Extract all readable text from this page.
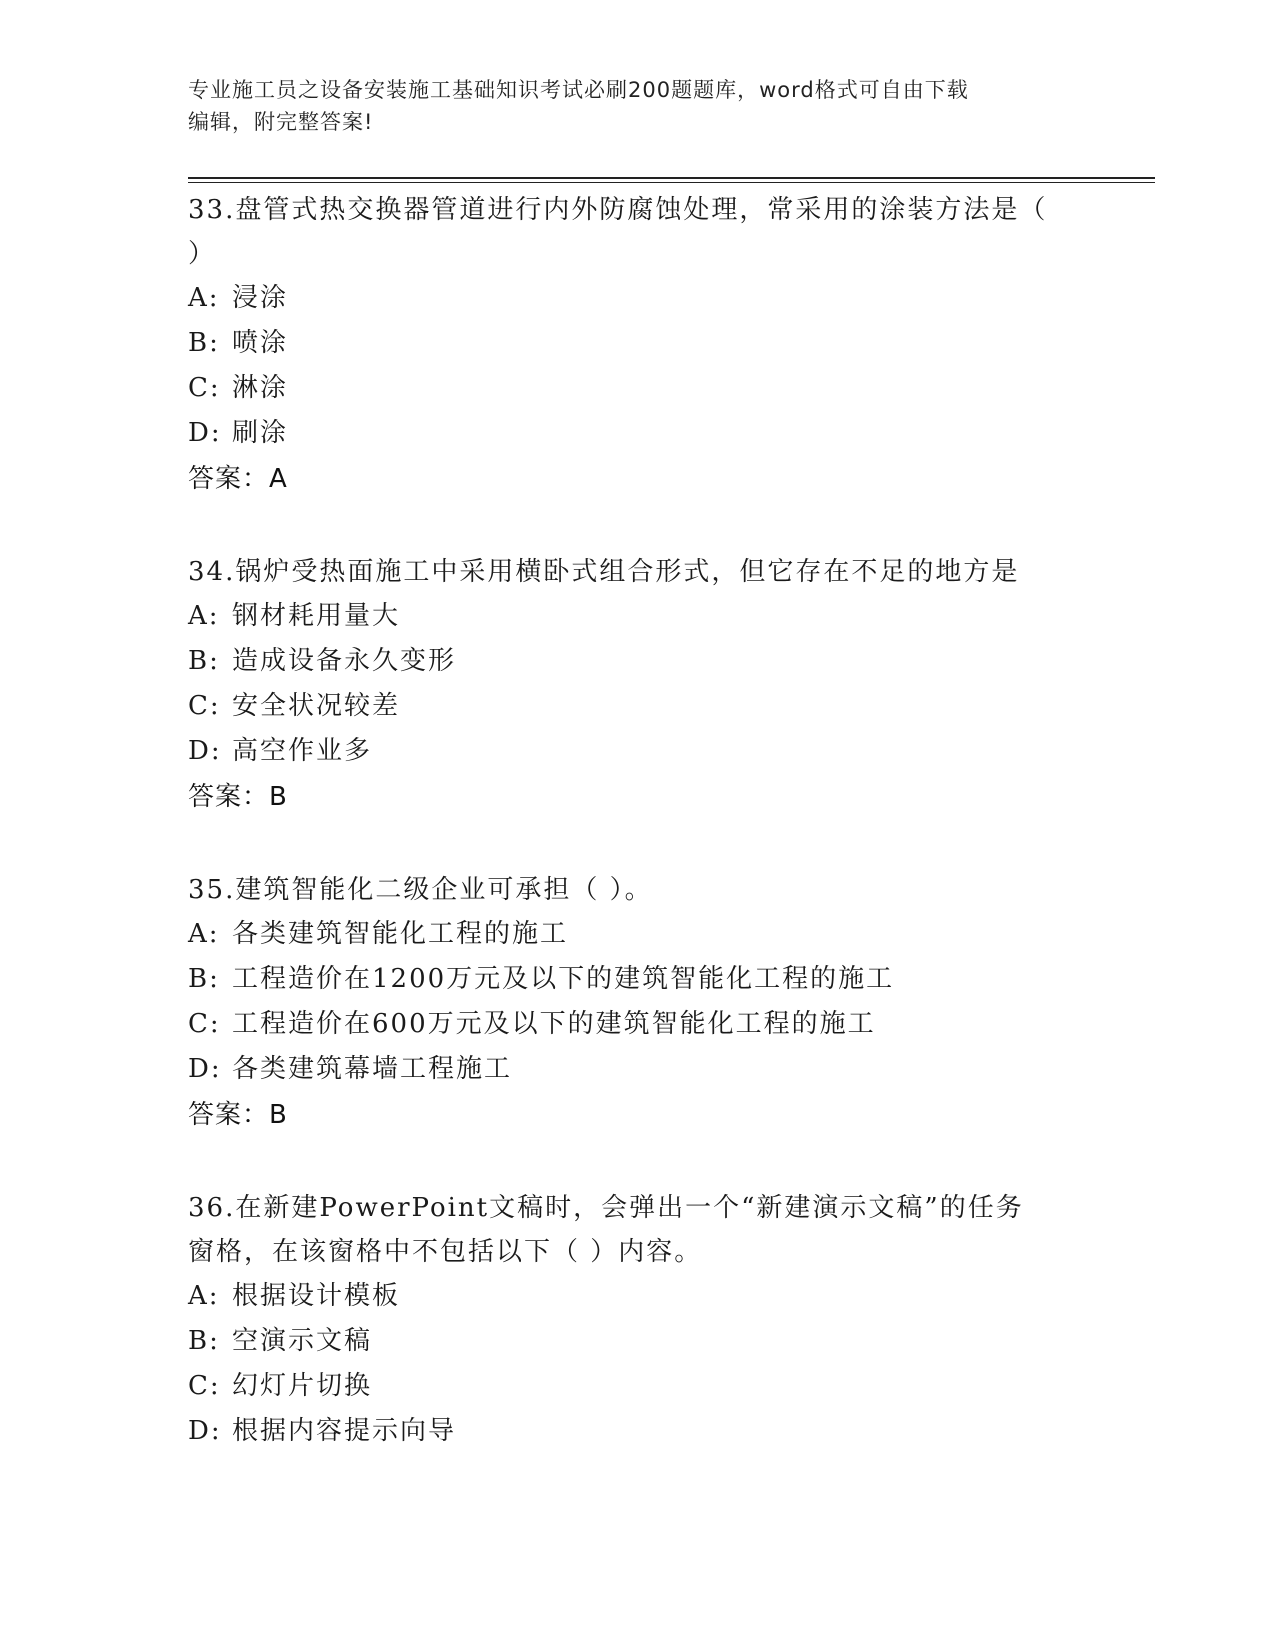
专业施工员之设备安装施工基础知识考试必刷200题题库，word格式可自由下载
编辑，附完整答案!
33.盘管式热交换器管道进行内外防腐蚀处理，常采用的涂装方法是（
）
A: 浸涂
B: 喷涂
C: 淋涂
D: 刷涂
答案：A
34.锅炉受热面施工中采用横卧式组合形式，但它存在不足的地方是
A: 钢材耗用量大
B: 造成设备永久变形
C: 安全状况较差
D: 高空作业多
答案：B
35.建筑智能化二级企业可承担（ ）。
A: 各类建筑智能化工程的施工
B: 工程造价在1200万元及以下的建筑智能化工程的施工
C: 工程造价在600万元及以下的建筑智能化工程的施工
D: 各类建筑幕墙工程施工
答案：B
36.在新建PowerPoint文稿时，会弹出一个“新建演示文稿”的任务
窗格，在该窗格中不包括以下（ ）内容。
A: 根据设计模板
B: 空演示文稿
C: 幻灯片切换
D: 根据内容提示向导
